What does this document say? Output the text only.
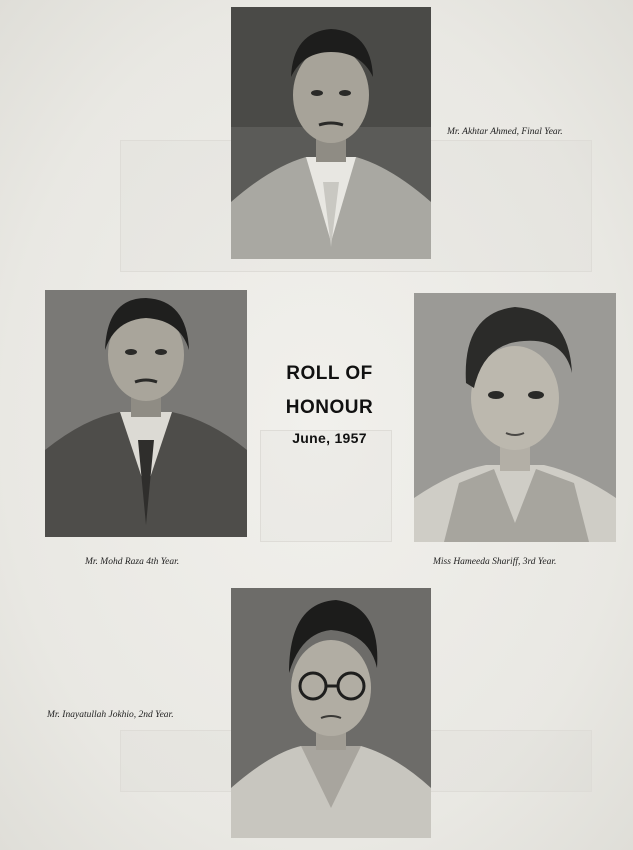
Mr. Akhtar Ahmed, Final Year.
Mr. Mohd Raza 4th Year.
ROLL OF
HONOUR
June, 1957
Miss Hameeda Shariff, 3rd Year.
Mr. Inayatullah Jokhio, 2nd Year.
